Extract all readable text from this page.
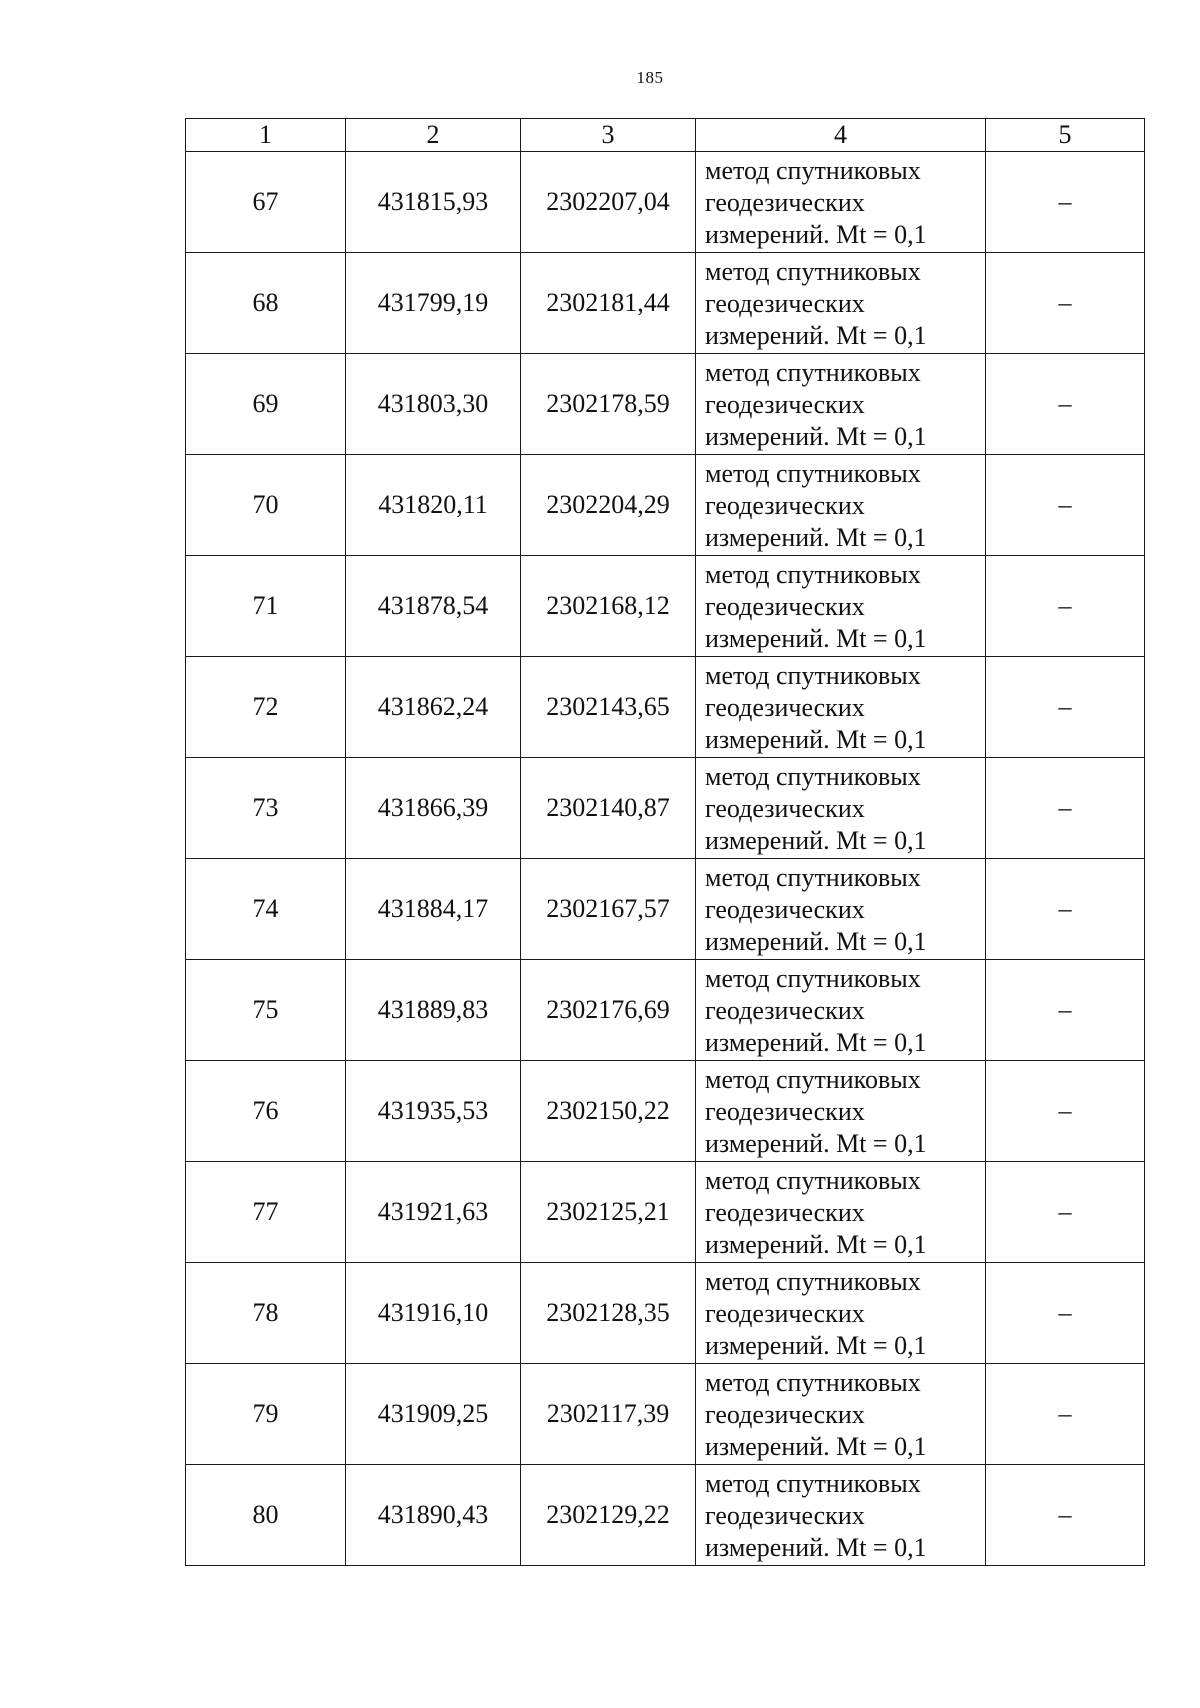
185
1	2	3	4	5
67	431815,93	2302207,04	метод спутниковых
геодезических
измерений. Mt = 0,1	–
68	431799,19	2302181,44	метод спутниковых
геодезических
измерений. Mt = 0,1	–
69	431803,30	2302178,59	метод спутниковых
геодезических
измерений. Mt = 0,1	–
70	431820,11	2302204,29	метод спутниковых
геодезических
измерений. Mt = 0,1	–
71	431878,54	2302168,12	метод спутниковых
геодезических
измерений. Mt = 0,1	–
72	431862,24	2302143,65	метод спутниковых
геодезических
измерений. Mt = 0,1	–
73	431866,39	2302140,87	метод спутниковых
геодезических
измерений. Mt = 0,1	–
74	431884,17	2302167,57	метод спутниковых
геодезических
измерений. Mt = 0,1	–
75	431889,83	2302176,69	метод спутниковых
геодезических
измерений. Mt = 0,1	–
76	431935,53	2302150,22	метод спутниковых
геодезических
измерений. Mt = 0,1	–
77	431921,63	2302125,21	метод спутниковых
геодезических
измерений. Mt = 0,1	–
78	431916,10	2302128,35	метод спутниковых
геодезических
измерений. Mt = 0,1	–
79	431909,25	2302117,39	метод спутниковых
геодезических
измерений. Mt = 0,1	–
80	431890,43	2302129,22	метод спутниковых
геодезических
измерений. Mt = 0,1	–
